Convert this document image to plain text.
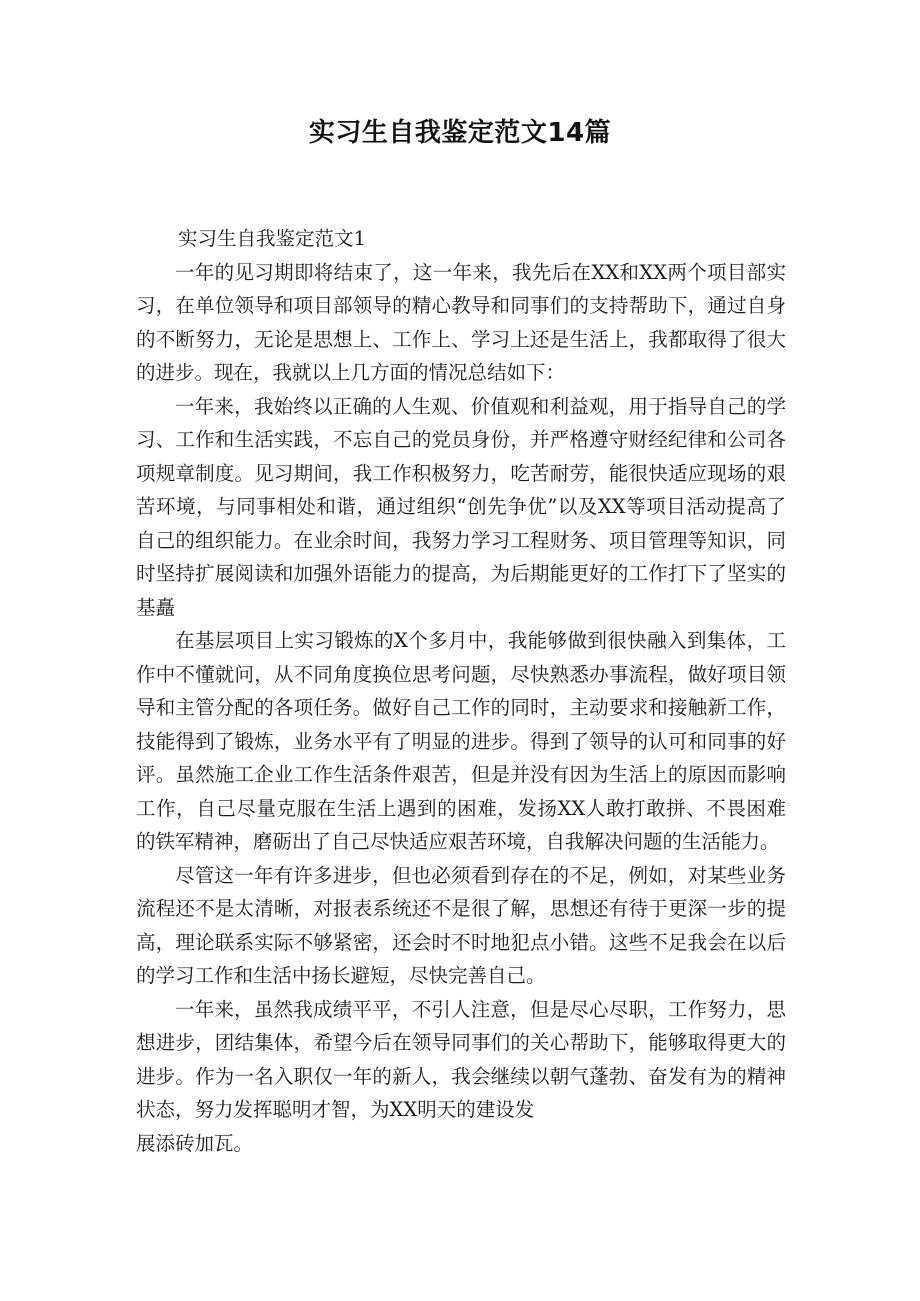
实习生自我鉴定范文14篇
实习生自我鉴定范文1

一年的见习期即将结束了，这一年来，我先后在XX和XX两个项目部实习，在单位领导和项目部领导的精心教导和同事们的支持帮助下，通过自身的不断努力，无论是思想上、工作上、学习上还是生活上，我都取得了很大的进步。现在，我就以上几方面的情况总结如下：

一年来，我始终以正确的人生观、价值观和利益观，用于指导自己的学习、工作和生活实践，不忘自己的党员身份，并严格遵守财经纪律和公司各项规章制度。见习期间，我工作积极努力，吃苦耐劳，能很快适应现场的艰苦环境，与同事相处和谐，通过组织“创先争优”以及XX等项目活动提高了自己的组织能力。在业余时间，我努力学习工程财务、项目管理等知识，同时坚持扩展阅读和加强外语能力的提高，为后期能更好的工作打下了坚实的基矗

在基层项目上实习锻炼的X个多月中，我能够做到很快融入到集体，工作中不懂就问，从不同角度换位思考问题，尽快熟悉办事流程，做好项目领导和主管分配的各项任务。做好自己工作的同时，主动要求和接触新工作，技能得到了锻炼，业务水平有了明显的进步。得到了领导的认可和同事的好评。虽然施工企业工作生活条件艰苦，但是并没有因为生活上的原因而影响工作，自己尽量克服在生活上遇到的困难，发扬XX人敢打敢拼、不畏困难的铁军精神，磨砺出了自己尽快适应艰苦环境，自我解决问题的生活能力。

尽管这一年有许多进步，但也必须看到存在的不足，例如，对某些业务流程还不是太清晰，对报表系统还不是很了解，思想还有待于更深一步的提高，理论联系实际不够紧密，还会时不时地犯点小错。这些不足我会在以后的学习工作和生活中扬长避短，尽快完善自己。

一年来，虽然我成绩平平，不引人注意，但是尽心尽职，工作努力，思想进步，团结集体，希望今后在领导同事们的关心帮助下，能够取得更大的进步。作为一名入职仅一年的新人，我会继续以朝气蓬勃、奋发有为的精神状态，努力发挥聪明才智，为XX明天的建设发

展添砖加瓦。
